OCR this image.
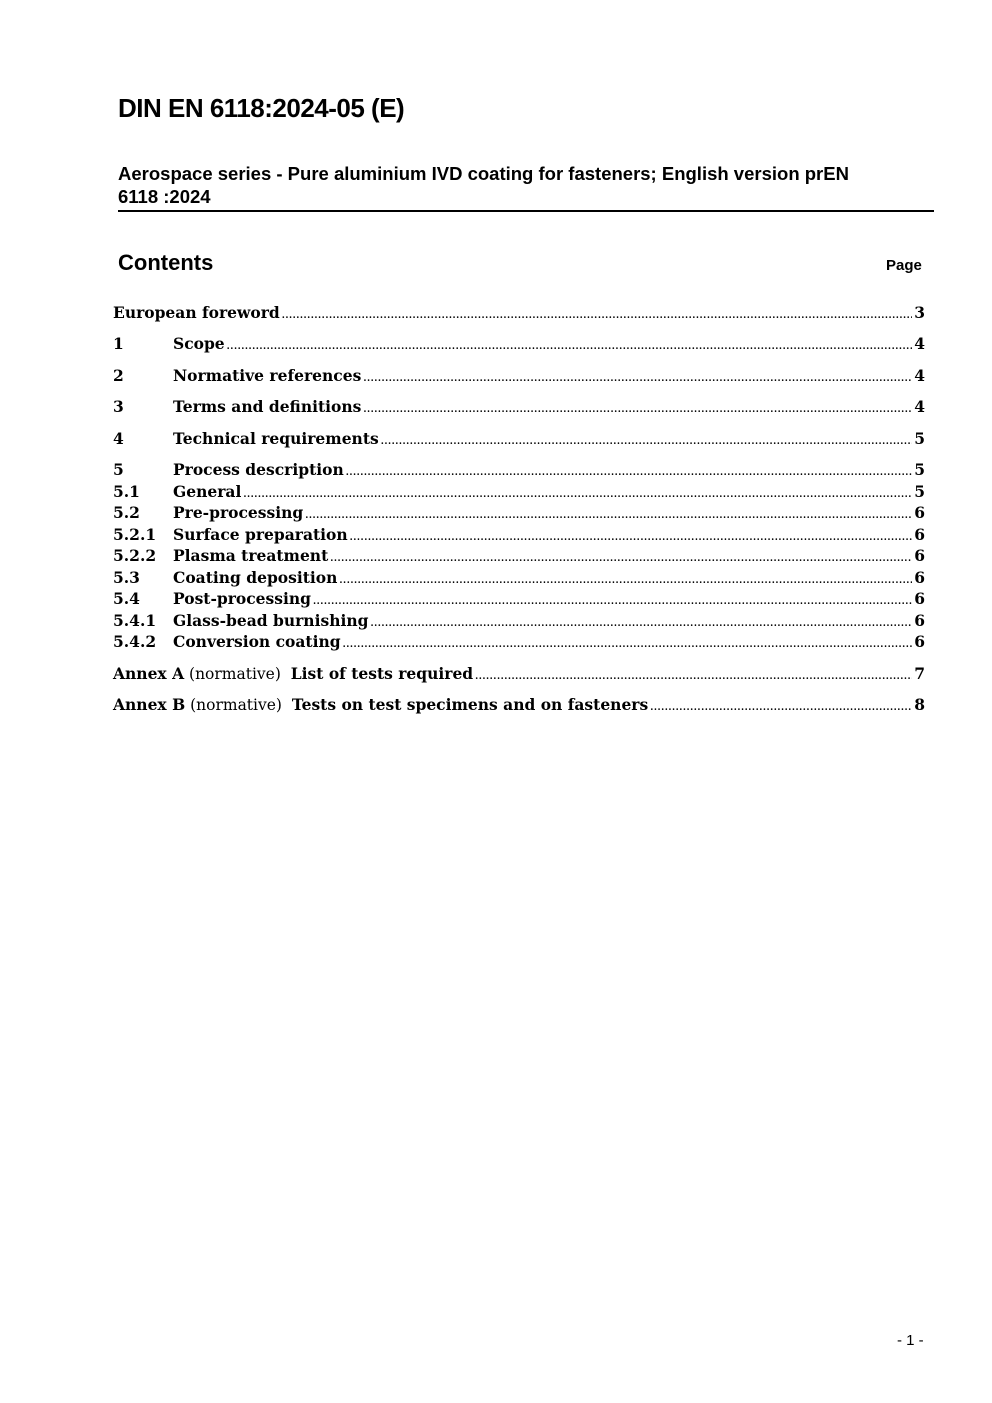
DIN EN 6118:2024-05 (E)
Aerospace series - Pure aluminium IVD coating for fasteners; English version prEN
6118 :2024
Contents	Page
European foreword .....	3
1	Scope .....	4
2	Normative references .....	4
3	Terms and definitions .....	4
4	Technical requirements .....	5
5	Process description .....	5
5.1	General .....	5
5.2	Pre-processing .....	6
5.2.1	Surface preparation .....	6
5.2.2	Plasma treatment .....	6
5.3	Coating deposition .....	6
5.4	Post-processing .....	6
5.4.1	Glass-bead burnishing .....	6
5.4.2	Conversion coating .....	6
Annex A (normative)  List of tests required .....	7
Annex B (normative)  Tests on test specimens and on fasteners .....	8
- 1 -
